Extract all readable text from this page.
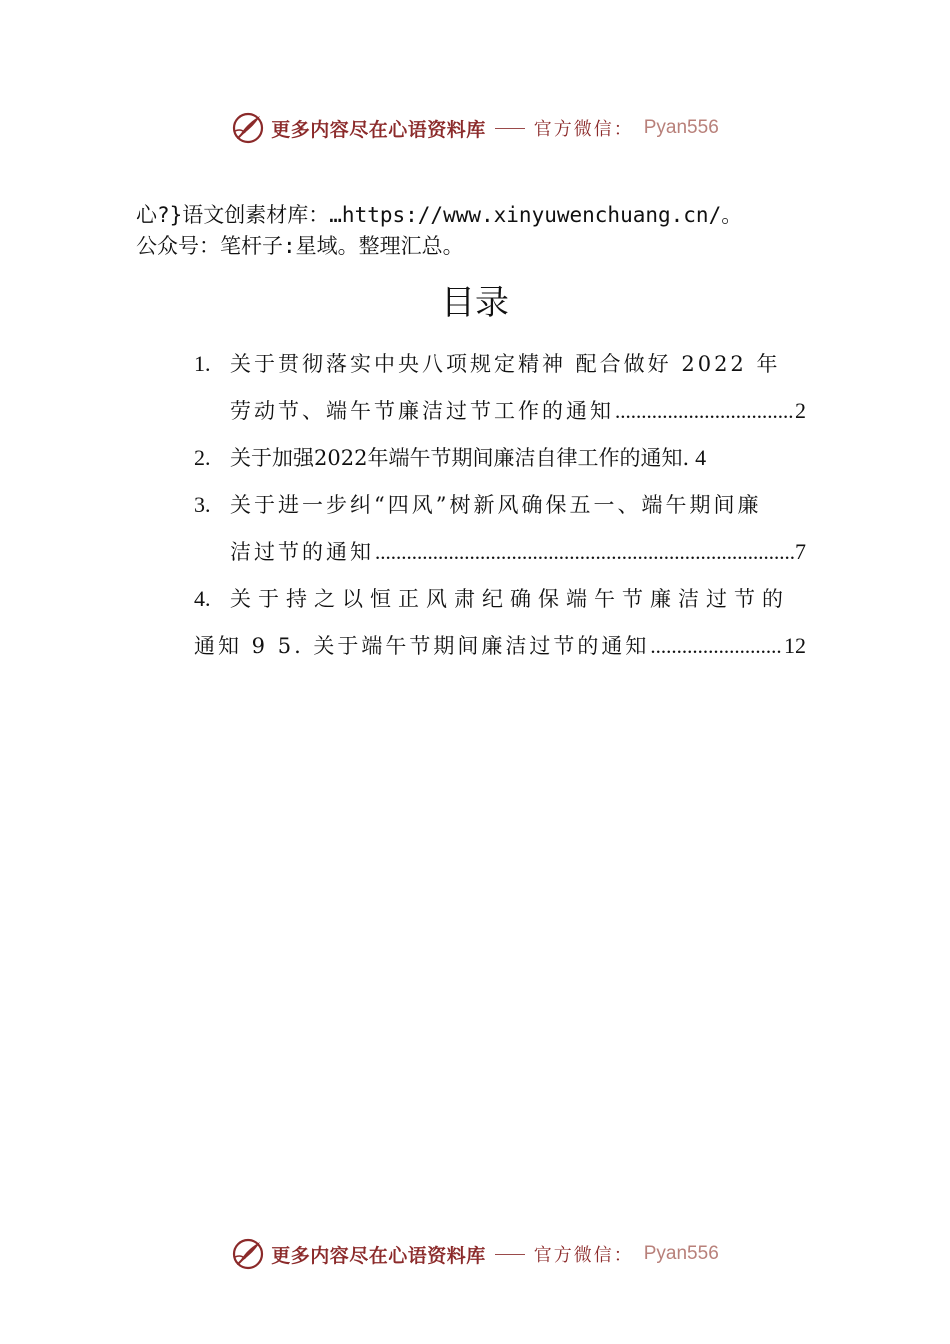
更多内容尽在心语资料库	官方微信： Pyan556
心?}语文创素材库：…https://www.xinyuwenchuang.cn/。
公众号：笔杆子:星域。整理汇总。
目录
1. 关于贯彻落实中央八项规定精神 配合做好 2022 年
劳动节、端午节廉洁过节工作的通知 .....	2
2. 关于加强2022年端午节期间廉洁自律工作的通知. 4
3. 关于进一步纠“四风”树新风确保五一、端午期间廉
洁过节的通知 .....	7
4. 关于持之以恒正风肃纪确保端午节廉洁过节的
通知 9 5. 关于端午节期间廉洁过节的通知 .....	12
更多内容尽在心语资料库	官方微信： Pyan556
